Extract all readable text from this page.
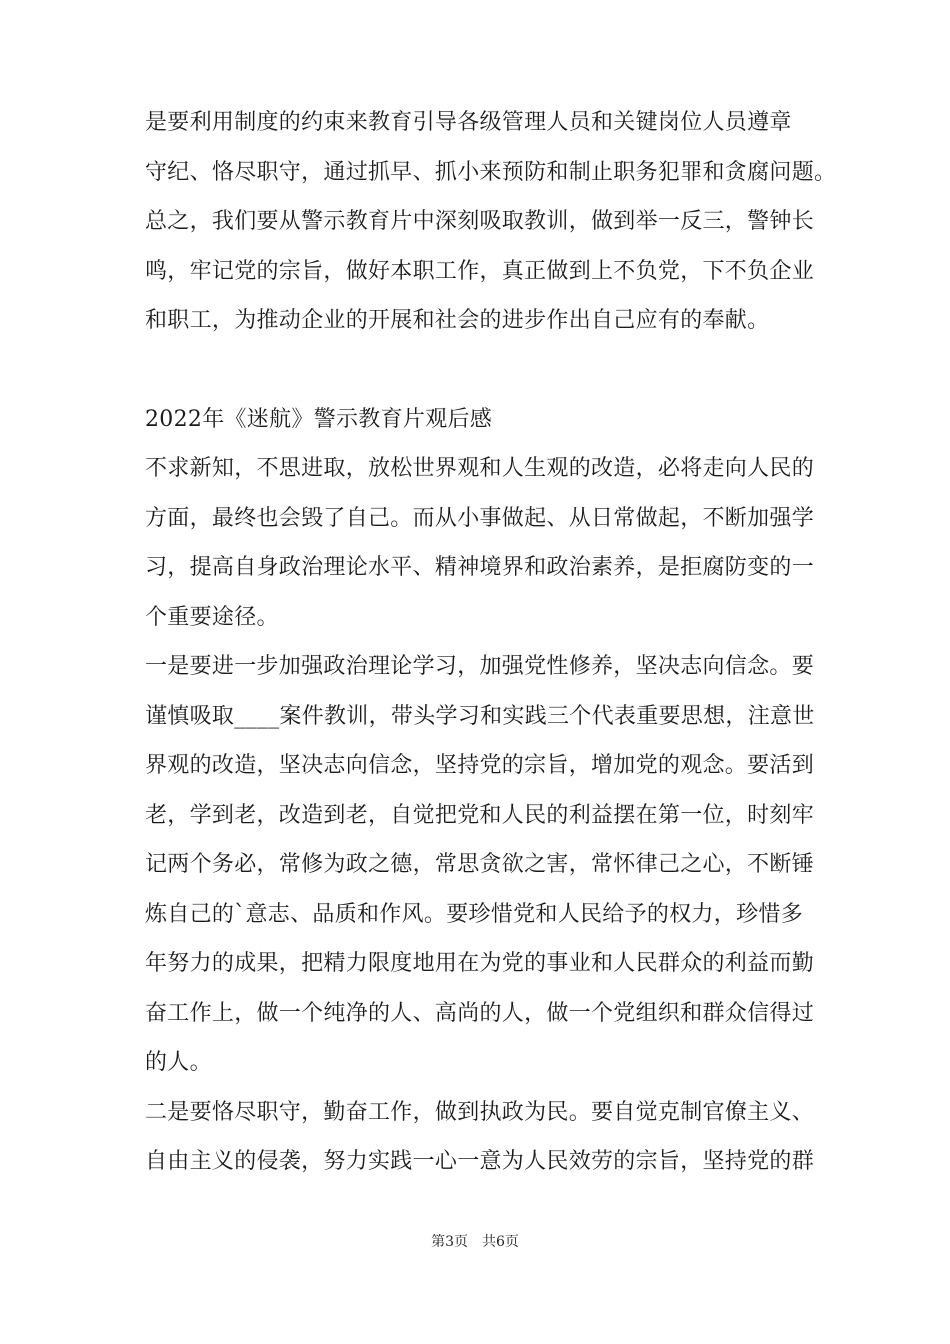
是要利用制度的约束来教育引导各级管理人员和关键岗位人员遵章
守纪、恪尽职守，通过抓早、抓小来预防和制止职务犯罪和贪腐问题。
总之，我们要从警示教育片中深刻吸取教训，做到举一反三，警钟长
鸣，牢记党的宗旨，做好本职工作，真正做到上不负党，下不负企业
和职工，为推动企业的开展和社会的进步作出自己应有的奉献。
2022年《迷航》警示教育片观后感
不求新知，不思进取，放松世界观和人生观的改造，必将走向人民的
方面，最终也会毁了自己。而从小事做起、从日常做起，不断加强学
习，提高自身政治理论水平、精神境界和政治素养，是拒腐防变的一
个重要途径。
一是要进一步加强政治理论学习，加强党性修养，坚决志向信念。要
谨慎吸取____案件教训，带头学习和实践三个代表重要思想，注意世
界观的改造，坚决志向信念，坚持党的宗旨，增加党的观念。要活到
老，学到老，改造到老，自觉把党和人民的利益摆在第一位，时刻牢
记两个务必，常修为政之德，常思贪欲之害，常怀律己之心，不断锤
炼自己的`意志、品质和作风。要珍惜党和人民给予的权力，珍惜多
年努力的成果，把精力限度地用在为党的事业和人民群众的利益而勤
奋工作上，做一个纯净的人、高尚的人，做一个党组织和群众信得过
的人。
二是要恪尽职守，勤奋工作，做到执政为民。要自觉克制官僚主义、
自由主义的侵袭，努力实践一心一意为人民效劳的宗旨，坚持党的群
第3页 共6页
